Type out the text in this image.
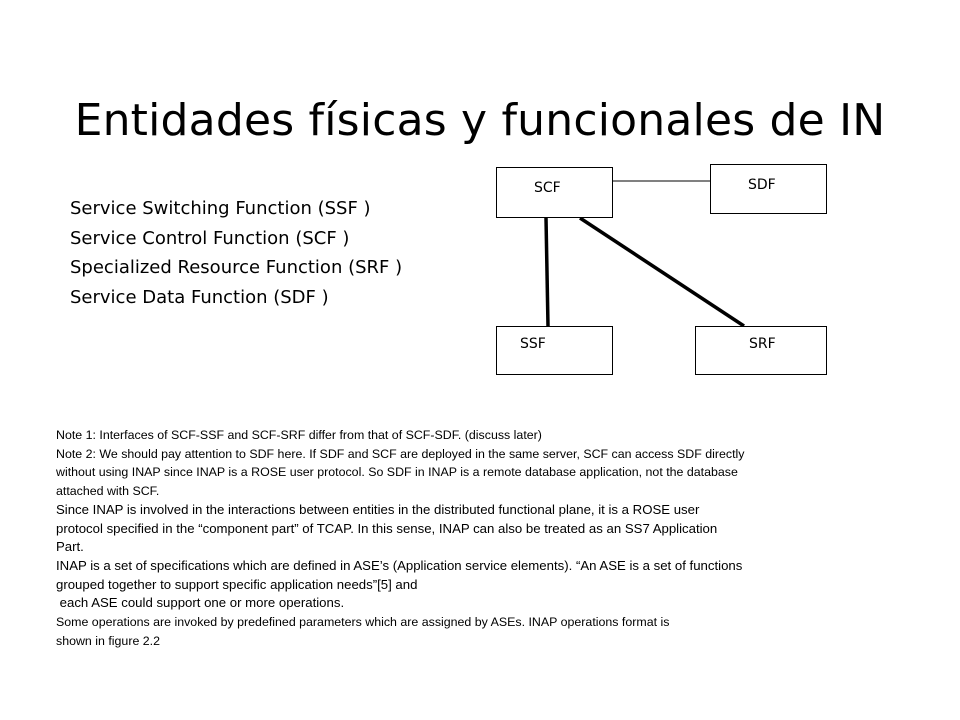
Entidades físicas y funcionales de IN
Service Switching Function (SSF )
Service Control Function (SCF )
Specialized Resource Function (SRF )
Service Data Function (SDF )
SCF	SDF
SSF	SRF

Note 1: Interfaces of SCF-SSF and SCF-SRF differ from that of SCF-SDF. (discuss later)

Note 2: We should pay attention to SDF here. If SDF and SCF are deployed in the same server, SCF can access SDF directly

without using INAP since INAP is a ROSE user protocol. So SDF in INAP is a remote database application, not the database

attached with SCF.

Since INAP is involved in the interactions between entities in the distributed functional plane, it is a ROSE user

protocol specified in the “component part” of TCAP. In this sense, INAP can also be treated as an SS7 Application

Part.

INAP is a set of specifications which are defined in ASE’s (Application service elements). “An ASE is a set of functions

grouped together to support specific application needs”[5] and

each ASE could support one or more operations.

Some operations are invoked by predefined parameters which are assigned by ASEs. INAP operations format is

shown in figure 2.2
